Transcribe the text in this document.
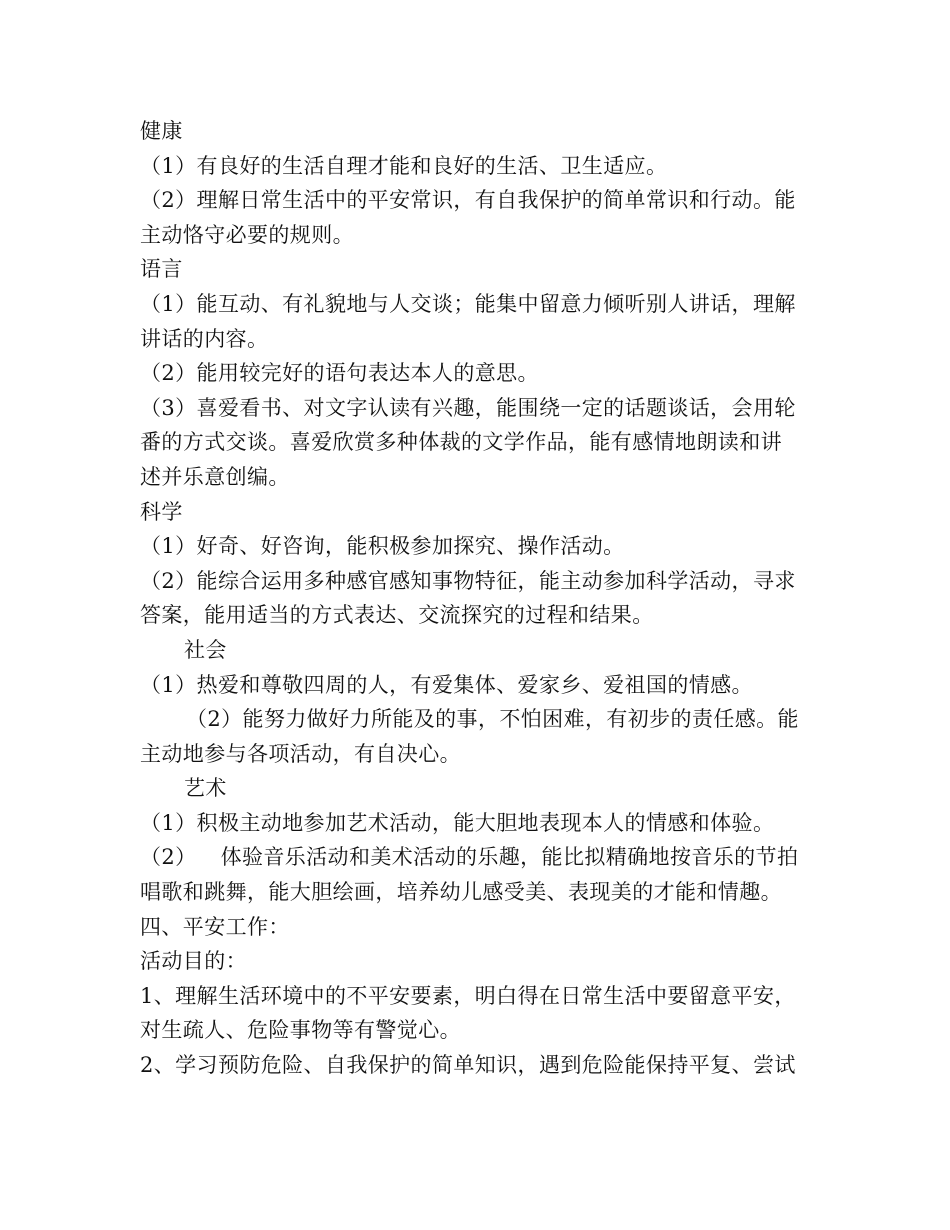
健康
（1）有良好的生活自理才能和良好的生活、卫生适应。
（2）理解日常生活中的平安常识，有自我保护的简单常识和行动。能
主动恪守必要的规则。
语言
（1）能互动、有礼貌地与人交谈；能集中留意力倾听别人讲话，理解
讲话的内容。
（2）能用较完好的语句表达本人的意思。
（3）喜爱看书、对文字认读有兴趣，能围绕一定的话题谈话，会用轮
番的方式交谈。喜爱欣赏多种体裁的文学作品，能有感情地朗读和讲
述并乐意创编。
科学
（1）好奇、好咨询，能积极参加探究、操作活动。
（2）能综合运用多种感官感知事物特征，能主动参加科学活动，寻求
答案，能用适当的方式表达、交流探究的过程和结果。
社会
（1）热爱和尊敬四周的人，有爱集体、爱家乡、爱祖国的情感。
（2）能努力做好力所能及的事，不怕困难，有初步的责任感。能
主动地参与各项活动，有自决心。
艺术
（1）积极主动地参加艺术活动，能大胆地表现本人的情感和体验。
（2） 体验音乐活动和美术活动的乐趣，能比拟精确地按音乐的节拍
唱歌和跳舞，能大胆绘画，培养幼儿感受美、表现美的才能和情趣。
四、平安工作：
活动目的：
1、理解生活环境中的不平安要素，明白得在日常生活中要留意平安，
对生疏人、危险事物等有警觉心。
2、学习预防危险、自我保护的简单知识，遇到危险能保持平复、尝试
